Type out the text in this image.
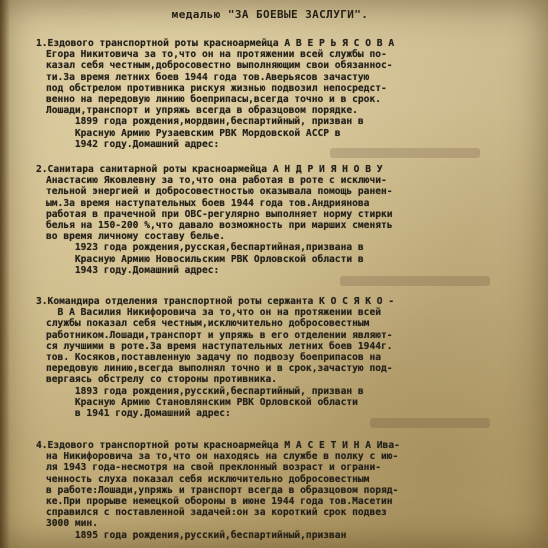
медалью "ЗА БОЕВЫЕ ЗАСЛУГИ".
1.Ездового транспортной роты красноармейца А В Е Р Ь Я С О В А
Егора Никитовича за то,что он на протяжении всей службы по-
казал себя честным,добросовестно выполняющим свои обязаннос-
ти.За время летних боев 1944 года тов.Аверьясов зачастую
под обстрелом противника рискуя жизнью подвозил непосредст-
венно на передовую линию боеприпасы,всегда точно и в срок.
Лошади,транспорт и упряжь всегда в образцовом порядке.
1899 года рождения,мордвин,беспартийный, призван в
Красную Армию Рузаевским РВК Мордовской АССР в
1942 году.Домашний адрес:
2.Санитара санитарной роты красноармейца А Н Д Р И Я Н О В У
Анастасию Яковлевну за то,что она работая в роте с исключи-
тельной энергией и добросовестностью оказывала помощь ранен-
ым.За время наступательных боев 1944 года тов.Андриянова
работая в прачечной при ОВС-регулярно выполняет норму стирки
белья на 150-200 %,что давало возможность при марших сменять
во время личному составу белье.
1923 года рождения,русская,беспартийная,призвана в
Красную Армию Новосильским РВК Орловской области в
1943 году.Домашний адрес:
3.Командира отделения транспортной роты сержанта К О С Я К О -
В А Василия Никифоровича за то,что он на протяжении всей
службы показал себя честным,исключительно добросовестным
работником.Лошади,транспорт и упряжь в его отделении являют-
ся лучшими в роте.За время наступательных летних боев 1944г.
тов. Косяков,поставленную задачу по подвозу боеприпасов на
передовую линию,всегда выполнял точно и в срок,зачастую под-
вергаясь обстрелу со стороны противника.
1893 года рождения,русский,беспартийный, призван в
Красную Армию Становлянским РВК Орловской области
в 1941 году.Домашний адрес:
4.Ездового транспортной роты красноармейца М А С Е Т И Н А Ива-
на Никифоровича за то,что он находясь на службе в полку с ию-
ля 1943 года-несмотря на свой преклонный возраст и ограни-
ченность слуха показал себя исключительно добросовестным
в работе:Лошади,упряжь и транспорт всегда в образцовом поряд-
ке.При прорыве немецкой обороны в июне 1944 года тов.Масетин
справился с поставленной задачей:он за короткий срок подвез
3000 мин.
1895 года рождения,русский,беспартийный,призван
